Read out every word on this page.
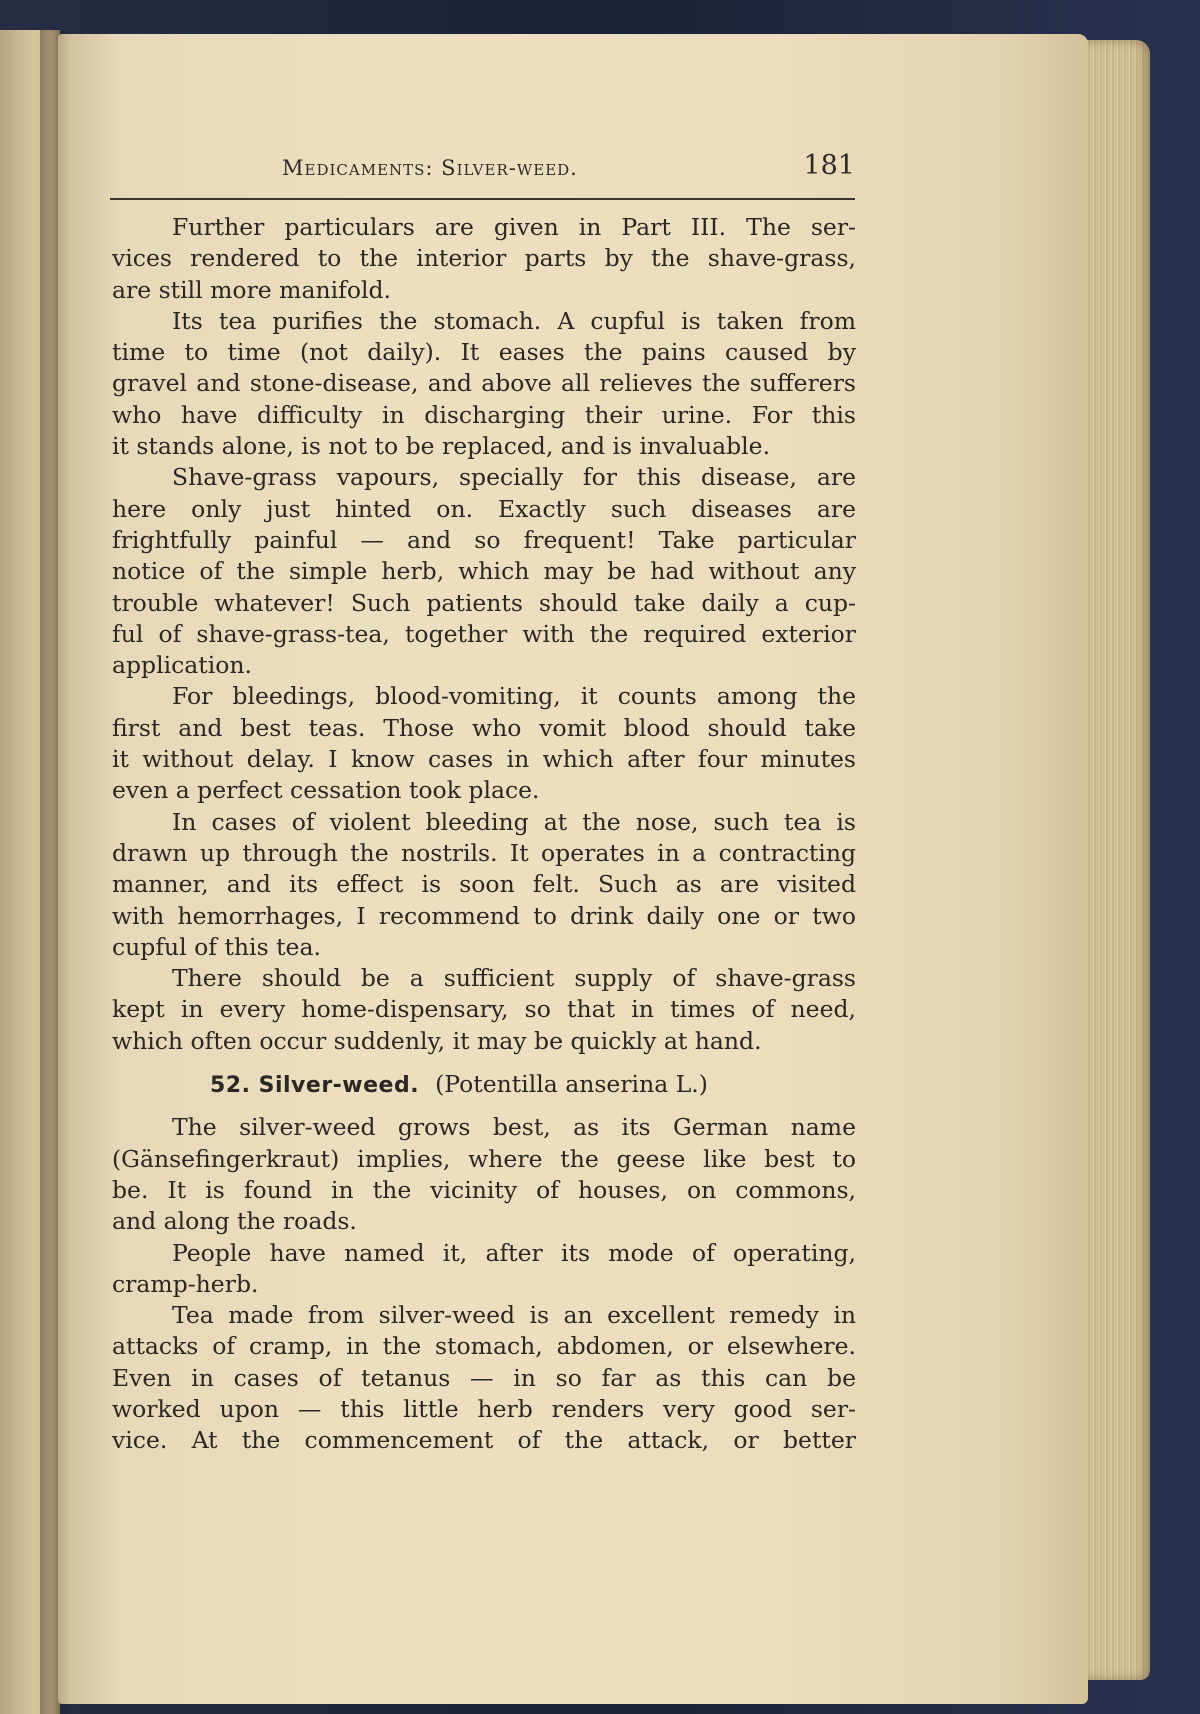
Medicaments: Silver-weed.	181
Further particulars are given in Part III. The ser-
vices rendered to the interior parts by the shave-grass,
are still more manifold.
Its tea purifies the stomach. A cupful is taken from
time to time (not daily). It eases the pains caused by
gravel and stone-disease, and above all relieves the sufferers
who have difficulty in discharging their urine. For this
it stands alone, is not to be replaced, and is invaluable.
Shave-grass vapours, specially for this disease, are
here only just hinted on. Exactly such diseases are
frightfully painful — and so frequent! Take particular
notice of the simple herb, which may be had without any
trouble whatever! Such patients should take daily a cup-
ful of shave-grass-tea, together with the required exterior
application.
For bleedings, blood-vomiting, it counts among the
first and best teas. Those who vomit blood should take
it without delay. I know cases in which after four minutes
even a perfect cessation took place.
In cases of violent bleeding at the nose, such tea is
drawn up through the nostrils. It operates in a contracting
manner, and its effect is soon felt. Such as are visited
with hemorrhages, I recommend to drink daily one or two
cupful of this tea.
There should be a sufficient supply of shave-grass
kept in every home-dispensary, so that in times of need,
which often occur suddenly, it may be quickly at hand.
52. Silver-weed. (Potentilla anserina L.)
The silver-weed grows best, as its German name
(Gänsefingerkraut) implies, where the geese like best to
be. It is found in the vicinity of houses, on commons,
and along the roads.
People have named it, after its mode of operating,
cramp-herb.
Tea made from silver-weed is an excellent remedy in
attacks of cramp, in the stomach, abdomen, or elsewhere.
Even in cases of tetanus — in so far as this can be
worked upon — this little herb renders very good ser-
vice. At the commencement of the attack, or better
